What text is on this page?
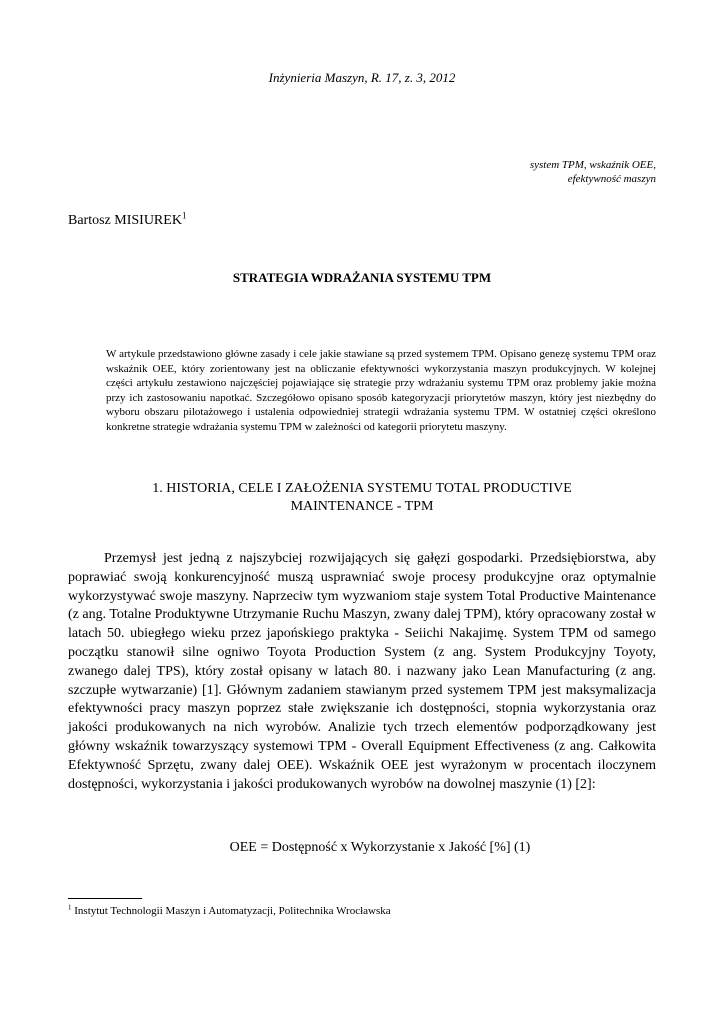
Inżynieria Maszyn, R. 17, z. 3, 2012
system TPM, wskaźnik OEE,
efektywność maszyn
Bartosz MISIUREK$^1$
STRATEGIA WDRAŻANIA SYSTEMU TPM
W artykule przedstawiono główne zasady i cele jakie stawiane są przed systemem TPM. Opisano genezę systemu TPM oraz wskaźnik OEE, który zorientowany jest na obliczanie efektywności wykorzystania maszyn produkcyjnych. W kolejnej części artykułu zestawiono najczęściej pojawiające się strategie przy wdrażaniu systemu TPM oraz problemy jakie można przy ich zastosowaniu napotkać. Szczegółowo opisano sposób kategoryzacji priorytetów maszyn, który jest niezbędny do wyboru obszaru pilotażowego i ustalenia odpowiedniej strategii wdrażania systemu TPM. W ostatniej części określono konkretne strategie wdrażania systemu TPM w zależności od kategorii priorytetu maszyny.
1. HISTORIA, CELE I ZAŁOŻENIA SYSTEMU TOTAL PRODUCTIVE
MAINTENANCE - TPM

Przemysł jest jedną z najszybciej rozwijających się gałęzi gospodarki. Przedsiębiorstwa, aby poprawiać swoją konkurencyjność muszą usprawniać swoje procesy produkcyjne oraz optymalnie wykorzystywać swoje maszyny. Naprzeciw tym wyzwaniom staje system Total Productive Maintenance (z ang. Totalne Produktywne Utrzymanie Ruchu Maszyn, zwany dalej TPM), który opracowany został w latach 50. ubiegłego wieku przez japońskiego praktyka - Seiichi Nakajimę. System TPM od samego początku stanowił silne ogniwo Toyota Production System (z ang. System Produkcyjny Toyoty, zwanego dalej TPS), który został opisany w latach 80. i nazwany jako Lean Manufacturing (z ang. szczupłe wytwarzanie) [1]. Głównym zadaniem stawianym przed systemem TPM jest maksymalizacja efektywności pracy maszyn poprzez stałe zwiększanie ich dostępności, stopnia wykorzystania oraz jakości produkowanych na nich wyrobów. Analizie tych trzech elementów podporządkowany jest główny wskaźnik towarzyszący systemowi TPM - Overall Equipment Effectiveness (z ang. Całkowita Efektywność Sprzętu, zwany dalej OEE). Wskaźnik OEE jest wyrażonym w procentach iloczynem dostępności, wykorzystania i jakości produkowanych wyrobów na dowolnej maszynie (1) [2]:

OEE = Dostępność x Wykorzystanie x Jakość [%] (1)
$^1$ Instytut Technologii Maszyn i Automatyzacji, Politechnika Wrocławska
